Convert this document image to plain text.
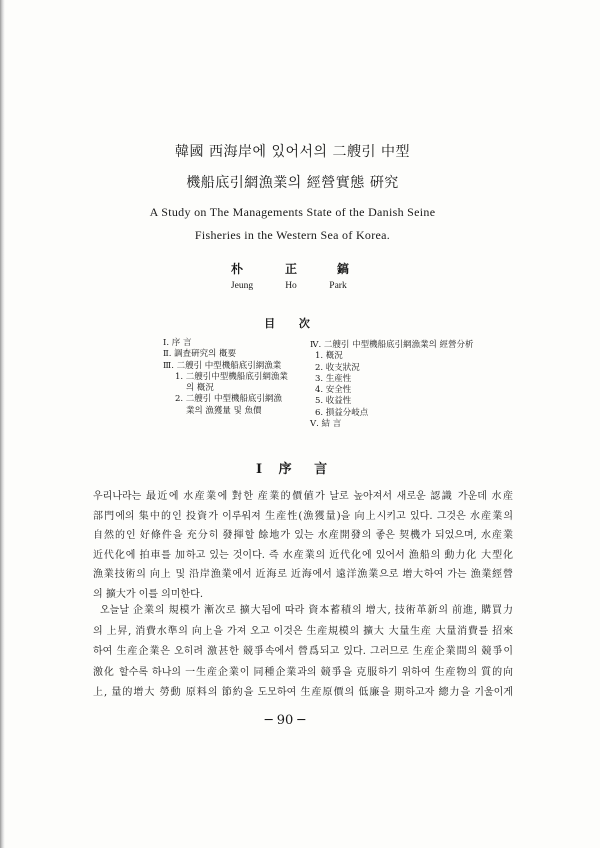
韓國 西海岸에 있어서의 二艘引 中型
機船底引網漁業의 經營實態 硏究
A Study on The Managements State of the Danish Seine
Fisheries in the Western Sea of Korea.
朴	正	鎬
Jeung	Ho	Park
目 次
Ⅰ. 序 言
Ⅱ. 調査硏究의 槪要
Ⅲ. 二艘引 中型機船底引網漁業
1. 二艘引中型機船底引網漁業
의 槪況
2. 二艘引 中型機船底引網漁
業의 漁獲量 및 魚價
Ⅳ. 二艘引 中型機船底引網漁業의 經營分析
1. 槪況
2. 收支狀況
3. 生産性
4. 安全性
5. 收益性
6. 損益分岐点
Ⅴ. 結 言
Ⅰ 序 言
우리나라는 最近에 水産業에 對한 産業的價値가 날로 높아져서 새로운 認識 가운데 水産
部門에의 集中的인 投資가 이루워져 生産性(漁獲量)을 向上시키고 있다. 그것은 水産業의
自然的인 好條件을 充分히 發揮할 餘地가 있는 水産開發의 좋은 契機가 되었으며, 水産業
近代化에 拍車를 加하고 있는 것이다. 즉 水産業의 近代化에 있어서 漁船의 動力化 大型化
漁業技術의 向上 및 沿岸漁業에서 近海로 近海에서 遠洋漁業으로 增大하여 가는 漁業經營
의 擴大가 이를 의미한다.
오늘날 企業의 規模가 漸次로 擴大됨에 따라 資本蓄積의 增大, 技術革新의 前進, 購買力
의 上昇, 消費水準의 向上을 가져 오고 이것은 生産規模의 擴大 大量生産 大量消費를 招來
하여 生産企業은 오히려 激甚한 競爭속에서 營爲되고 있다. 그러므로 生産企業間의 競爭이
激化 할수록 하나의 一生産企業이 同種企業과의 競爭을 克服하기 위하여 生産物의 質的向
上, 量的增大 勞動 原料의 節約을 도모하여 生産原價의 低廉을 期하고자 總力을 기울이게
─ 90 ─
